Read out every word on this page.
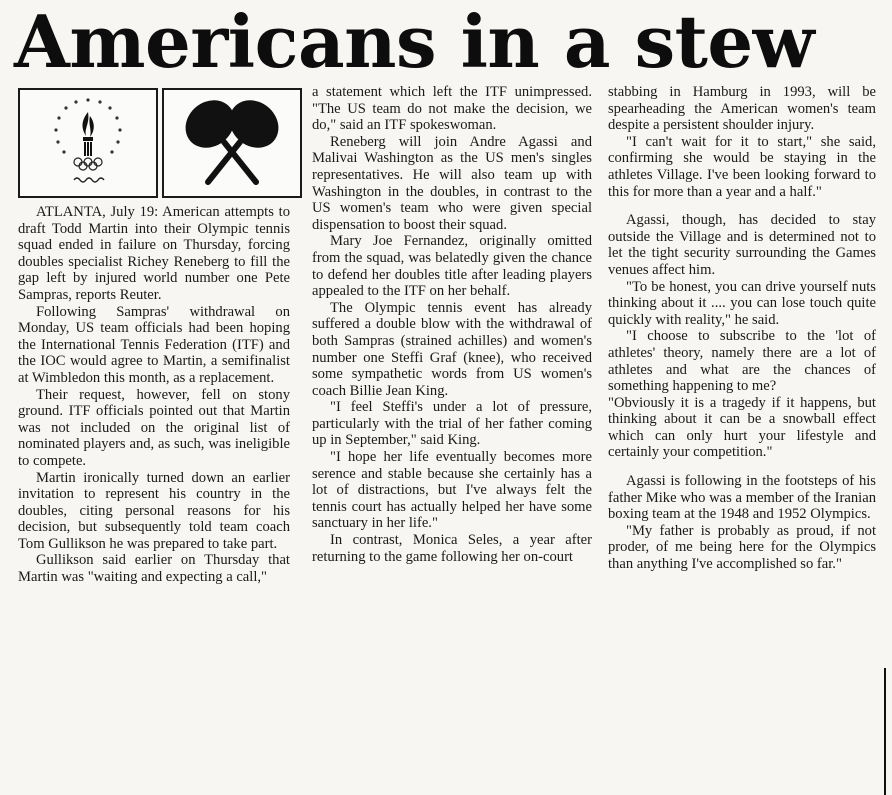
Americans in a stew

ATLANTA, July 19: American attempts to draft Todd Martin into their Olympic tennis squad ended in failure on Thursday, forcing doubles specialist Richey Reneberg to fill the gap left by injured world number one Pete Sampras, reports Reuter.

Following Sampras' withdrawal on Monday, US team officials had been hoping the International Tennis Federation (ITF) and the IOC would agree to Martin, a semifinalist at Wimbledon this month, as a replacement.

Their request, however, fell on stony ground. ITF officials pointed out that Martin was not included on the original list of nominated players and, as such, was ineligible to compete.

Martin ironically turned down an earlier invitation to represent his country in the doubles, citing personal reasons for his decision, but subsequently told team coach Tom Gullikson he was prepared to take part.

Gullikson said earlier on Thursday that Martin was "waiting and expecting a call,"

a statement which left the ITF unimpressed. "The US team do not make the decision, we do," said an ITF spokeswoman.

Reneberg will join Andre Agassi and Malivai Washington as the US men's singles representatives. He will also team up with Washington in the doubles, in contrast to the US women's team who were given special dispensation to boost their squad.

Mary Joe Fernandez, originally omitted from the squad, was belatedly given the chance to defend her doubles title after leading players appealed to the ITF on her behalf.

The Olympic tennis event has already suffered a double blow with the withdrawal of both Sampras (strained achilles) and women's number one Steffi Graf (knee), who received some sympathetic words from US women's coach Billie Jean King.

"I feel Steffi's under a lot of pressure, particularly with the trial of her father coming up in September," said King.

"I hope her life eventually becomes more serence and stable because she certainly has a lot of distractions, but I've always felt the tennis court has actually helped her have some sanctuary in her life."

In contrast, Monica Seles, a year after returning to the game following her on-court

stabbing in Hamburg in 1993, will be spearheading the American women's team despite a persistent shoulder injury.

"I can't wait for it to start," she said, confirming she would be staying in the athletes Village. I've been looking forward to this for more than a year and a half."

Agassi, though, has decided to stay outside the Village and is determined not to let the tight security surrounding the Games venues affect him.

"To be honest, you can drive yourself nuts thinking about it .... you can lose touch quite quickly with reality," he said.

"I choose to subscribe to the 'lot of athletes' theory, namely there are a lot of athletes and what are the chances of something happening to me?

"Obviously it is a tragedy if it happens, but thinking about it can be a snowball effect which can only hurt your lifestyle and certainly your competition."

Agassi is following in the footsteps of his father Mike who was a member of the Iranian boxing team at the 1948 and 1952 Olympics.

"My father is probably as proud, if not proder, of me being here for the Olympics than anything I've accomplished so far."
